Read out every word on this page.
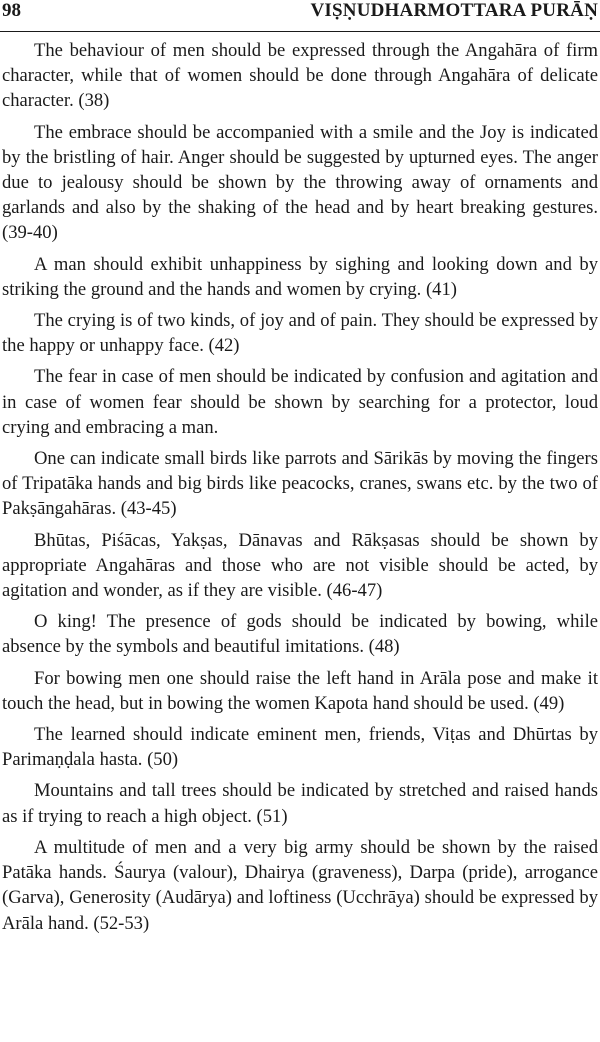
98	VIṢṆUDHARMOTTARA PURĀṆ

The behaviour of men should be expressed through the Angahāra of firm character, while that of women should be done through Angahāra of delicate character. (38)

The embrace should be accompanied with a smile and the Joy is indicated by the bristling of hair. Anger should be suggested by upturned eyes. The anger due to jealousy should be shown by the throwing away of ornaments and garlands and also by the shaking of the head and by heart breaking gestures. (39-40)

A man should exhibit unhappiness by sighing and looking down and by striking the ground and the hands and women by crying. (41)

The crying is of two kinds, of joy and of pain. They should be expressed by the happy or unhappy face. (42)

The fear in case of men should be indicated by confusion and agitation and in case of women fear should be shown by searching for a protector, loud crying and embracing a man.

One can indicate small birds like parrots and Sārikās by moving the fingers of Tripatāka hands and big birds like peacocks, cranes, swans etc. by the two of Pakṣāngahāras. (43-45)

Bhūtas, Piśācas, Yakṣas, Dānavas and Rākṣasas should be shown by appropriate Angahāras and those who are not visible should be acted, by agitation and wonder, as if they are visible. (46-47)

O king! The presence of gods should be indicated by bowing, while absence by the symbols and beautiful imitations. (48)

For bowing men one should raise the left hand in Arāla pose and make it touch the head, but in bowing the women Kapota hand should be used. (49)

The learned should indicate eminent men, friends, Viṭas and Dhūrtas by Parimaṇḍala hasta. (50)

Mountains and tall trees should be indicated by stretched and raised hands as if trying to reach a high object. (51)

A multitude of men and a very big army should be shown by the raised Patāka hands. Śaurya (valour), Dhairya (graveness), Darpa (pride), arrogance (Garva), Generosity (Audārya) and loftiness (Ucchrāya) should be expressed by Arāla hand. (52-53)
